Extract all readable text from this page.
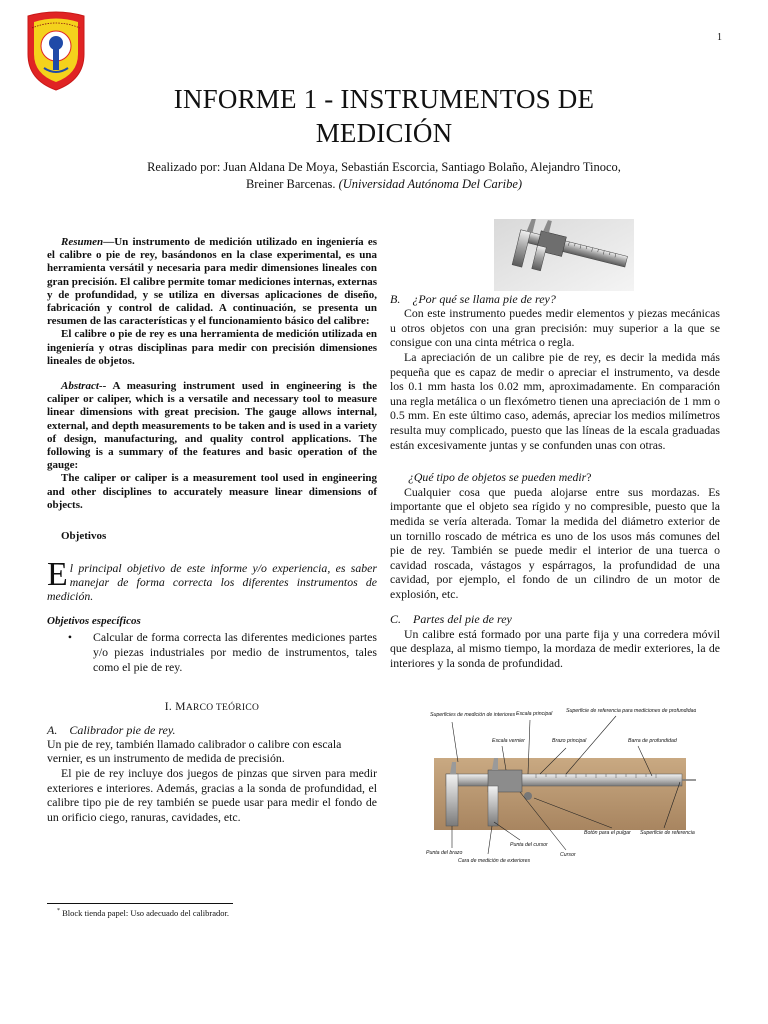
1
INFORME 1 - INSTRUMENTOS DE
MEDICIÓN
Realizado por: Juan Aldana De Moya, Sebastián Escorcia, Santiago Bolaño, Alejandro Tinoco,
Breiner Barcenas. (Universidad Autónoma Del Caribe)

Resumen—Un instrumento de medición utilizado en ingeniería es el calibre o pie de rey, basándonos en la clase experimental, es una herramienta versátil y necesaria para medir dimensiones lineales con gran precisión. El calibre permite tomar mediciones internas, externas y de profundidad, y se utiliza en diversas aplicaciones de diseño, fabricación y control de calidad. A continuación, se presenta un resumen de las características y el funcionamiento básico del calibre:

El calibre o pie de rey es una herramienta de medición utilizada en ingeniería y otras disciplinas para medir con precisión dimensiones lineales de objetos.

Abstract-- A measuring instrument used in engineering is the caliper or caliper, which is a versatile and necessary tool to measure linear dimensions with great precision. The gauge allows internal, external, and depth measurements to be taken and is used in a variety of design, manufacturing, and quality control applications. The following is a summary of the features and basic operation of the gauge:

The caliper or caliper is a measurement tool used in engineering and other disciplines to accurately measure linear dimensions of objects.

Objetivos

El principal objetivo de este informe y/o experiencia, es saber manejar de forma correcta los diferentes instrumentos de medición.

Objetivos específicos

•	Calcular de forma correcta las diferentes mediciones partes y/o piezas industriales por medio de instrumentos, tales como el pie de rey.

I. MARCO TEÓRICO

A.    Calibrador pie de rey.

Un pie de rey, también llamado calibrador o calibre con escala vernier, es un instrumento de medida de precisión.

El pie de rey incluye dos juegos de pinzas que sirven para medir exteriores e interiores. Además, gracias a la sonda de profundidad, el calibre tipo pie de rey también se puede usar para medir el fondo de un orificio ciego, ranuras, cavidades, etc.

B.    ¿Por qué se llama pie de rey?

Con este instrumento puedes medir elementos y piezas mecánicas u otros objetos con una gran precisión: muy superior a la que se consigue con una cinta métrica o regla.

La apreciación de un calibre pie de rey, es decir la medida más pequeña que es capaz de medir o apreciar el instrumento, va desde los 0.1 mm hasta los 0.02 mm, aproximadamente. En comparación una regla metálica o un flexómetro tienen una apreciación de 1 mm o 0.5 mm. En este último caso, además, apreciar los medios milímetros resulta muy complicado, puesto que las líneas de la escala graduadas están excesivamente juntas y se confunden unas con otras.

¿Qué tipo de objetos se pueden medir?

Cualquier cosa que pueda alojarse entre sus mordazas. Es importante que el objeto sea rígido y no compresible, puesto que la medida se vería alterada. Tomar la medida del diámetro exterior de un tornillo roscado de métrica es uno de los usos más comunes del pie de rey. También se puede medir el interior de una tuerca o cavidad roscada, vástagos y espárragos, la profundidad de una cavidad, por ejemplo, el fondo de un cilindro de un motor de explosión, etc.

C.    Partes del pie de rey

Un calibre está formado por una parte fija y una corredera móvil que desplaza, al mismo tiempo, la mordaza de medir exteriores, la de interiores y la sonda de profundidad.

Superficies de medición de interiores Escala principal	Superficie de referencia para mediciones de profundidad
Escala vernier	Brazo principal	Barra de profundidad
Botón para el pulgar Superficie de referencia
Punta del cursor
Cursor
Punta del brazo
Cara de medición de exteriores

* Block tienda papel: Uso adecuado del calibrador.
